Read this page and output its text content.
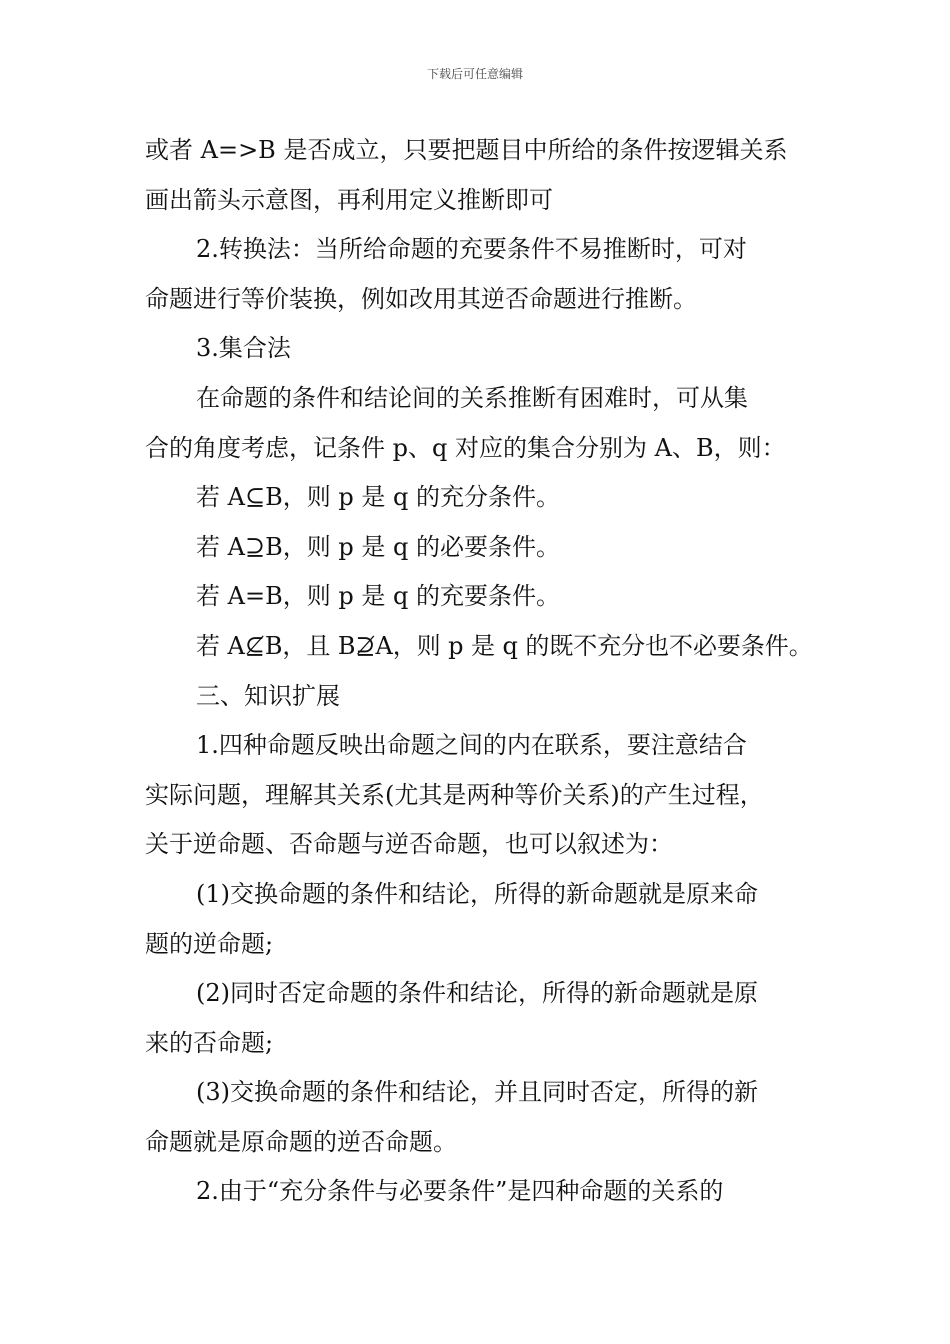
下载后可任意编辑

或者 A=>B 是否成立，只要把题目中所给的条件按逻辑关系

画出箭头示意图，再利用定义推断即可

2.转换法：当所给命题的充要条件不易推断时，可对

命题进行等价装换，例如改用其逆否命题进行推断。

3.集合法

在命题的条件和结论间的关系推断有困难时，可从集

合的角度考虑，记条件 p、q 对应的集合分别为 A、B，则：

若 A⊆B，则 p 是 q 的充分条件。

若 A⊇B，则 p 是 q 的必要条件。

若 A=B，则 p 是 q 的充要条件。

若 A⊈B，且 B⊉A，则 p 是 q 的既不充分也不必要条件。

三、知识扩展

1.四种命题反映出命题之间的内在联系，要注意结合

实际问题，理解其关系(尤其是两种等价关系)的产生过程，

关于逆命题、否命题与逆否命题，也可以叙述为：

(1)交换命题的条件和结论，所得的新命题就是原来命

题的逆命题;

(2)同时否定命题的条件和结论，所得的新命题就是原

来的否命题;

(3)交换命题的条件和结论，并且同时否定，所得的新

命题就是原命题的逆否命题。

2.由于“充分条件与必要条件”是四种命题的关系的
